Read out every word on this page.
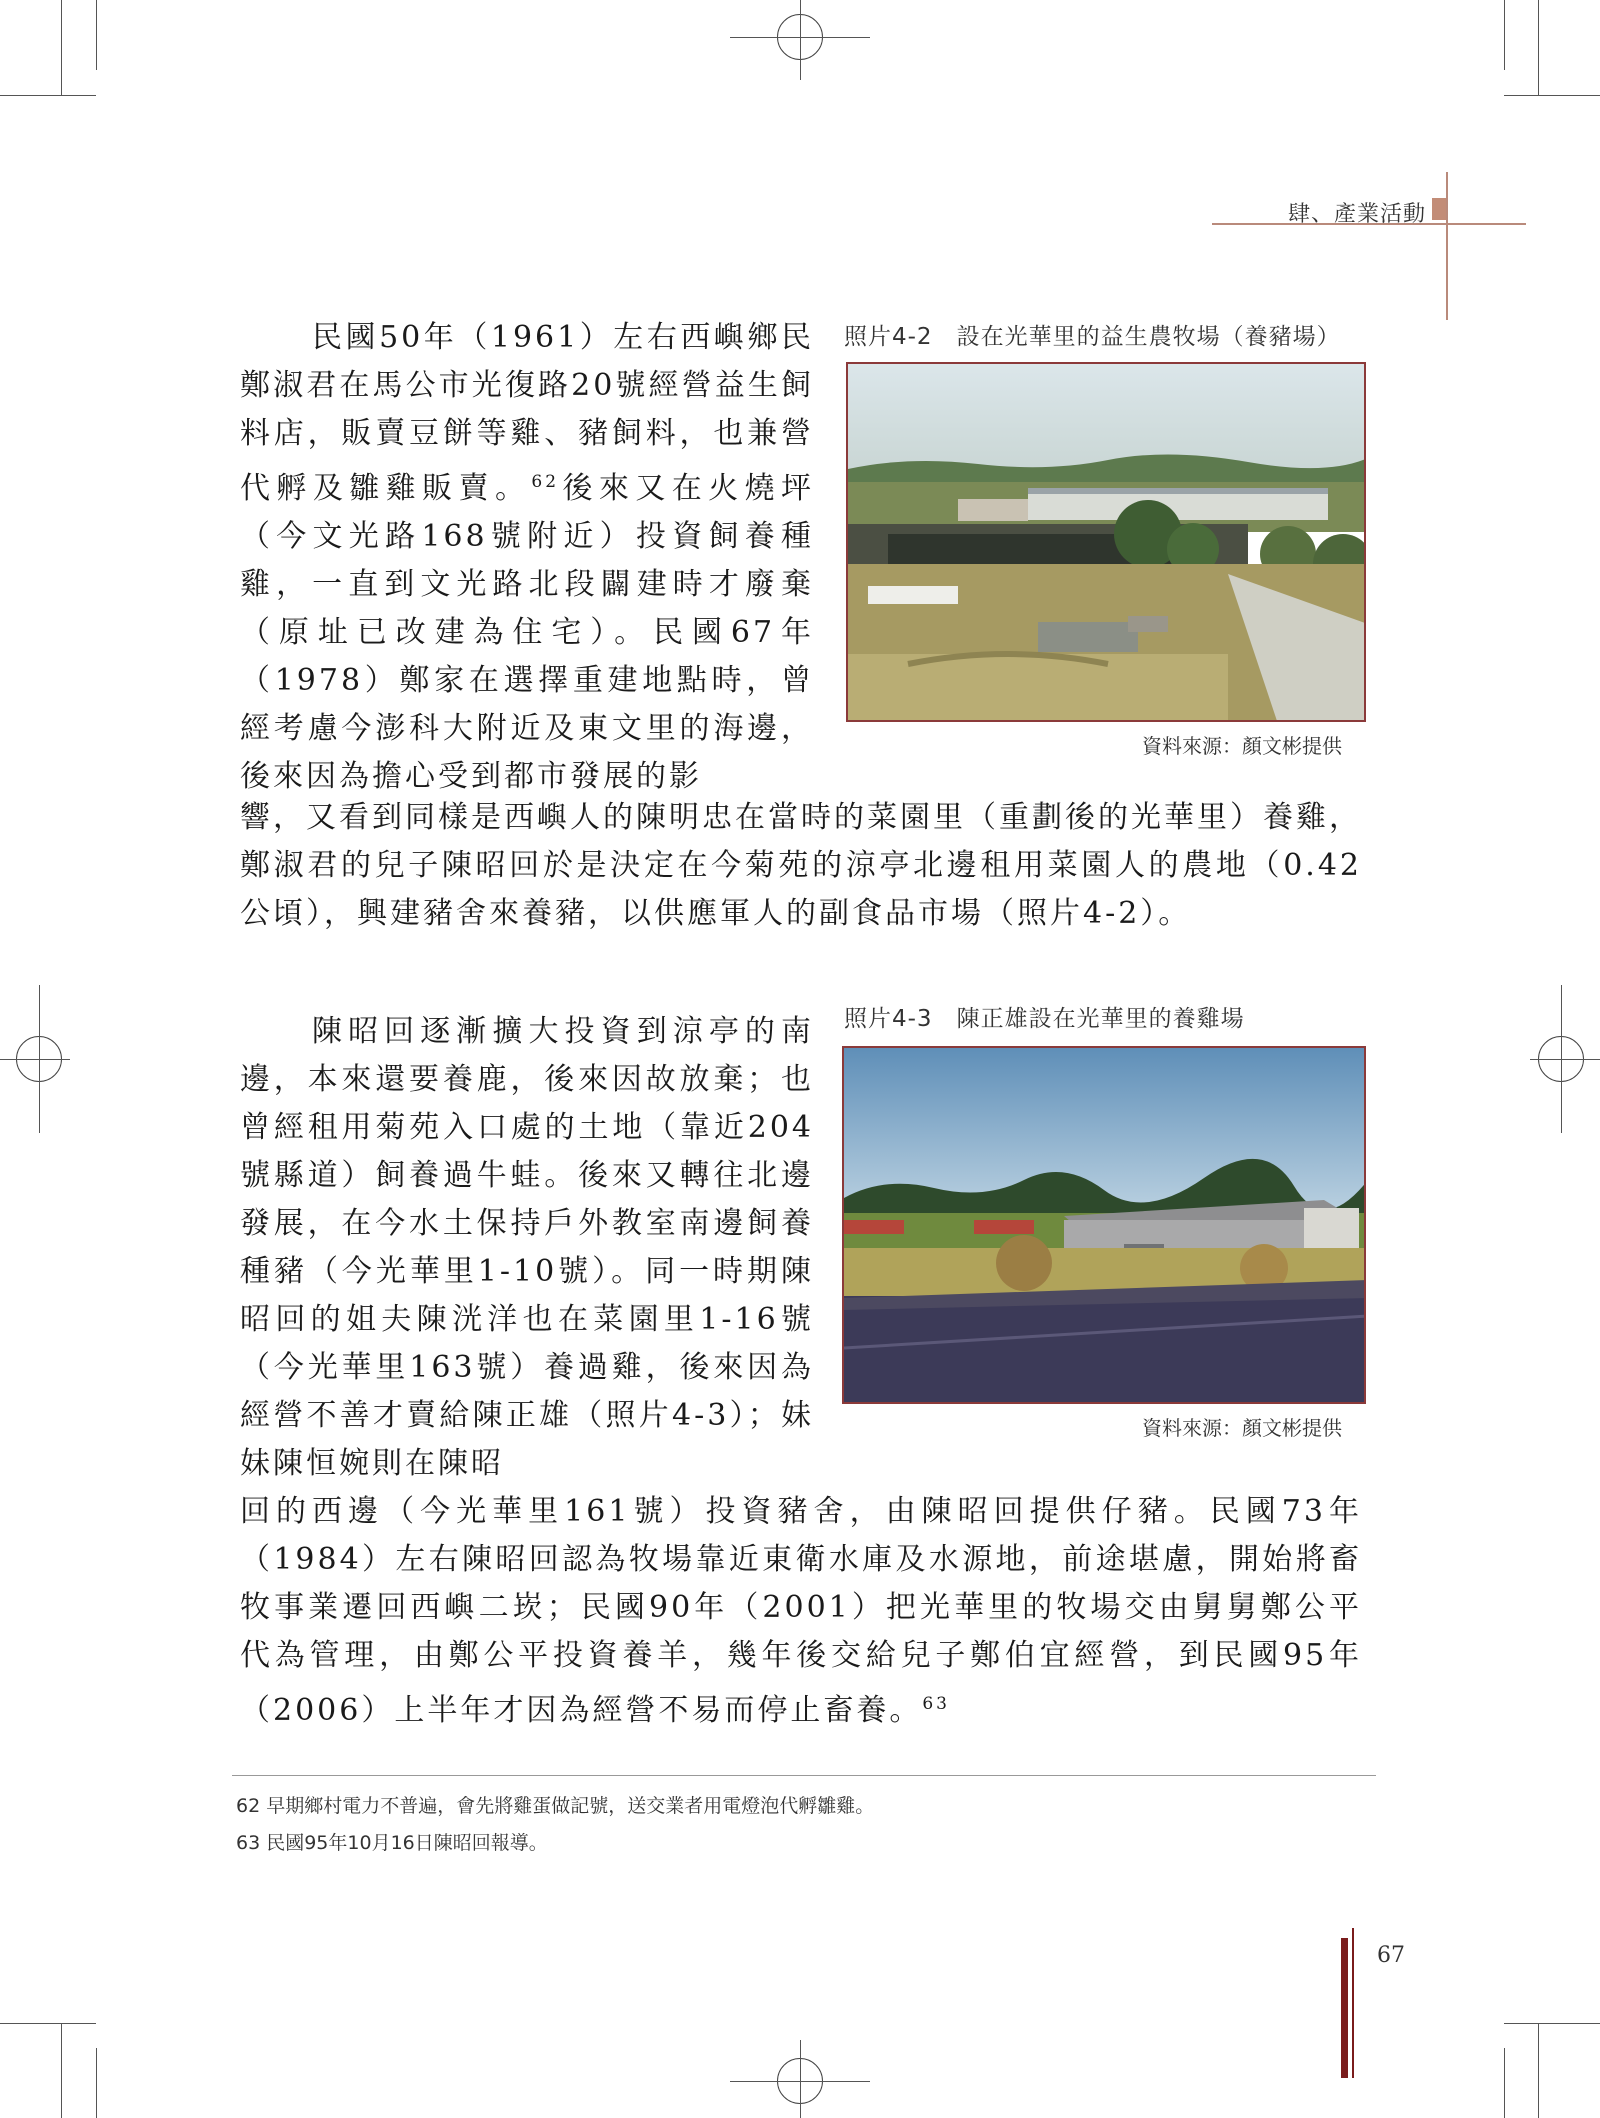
肆、產業活動

民國50年（1961）左右西嶼鄉民鄭淑君在馬公市光復路20號經營益生飼料店，販賣豆餅等雞、豬飼料，也兼營代孵及雛雞販賣。$^{62}$後來又在火燒坪（今文光路168號附近）投資飼養種雞，一直到文光路北段闢建時才廢棄（原址已改建為住宅）。民國67年（1978）鄭家在選擇重建地點時，曾經考慮今澎科大附近及東文里的海邊，後來因為擔心受到都市發展的影

響，又看到同樣是西嶼人的陳明忠在當時的菜園里（重劃後的光華里）養雞，鄭淑君的兒子陳昭回於是決定在今菊苑的涼亭北邊租用菜園人的農地（0.42公頃），興建豬舍來養豬，以供應軍人的副食品市場（照片4-2）。

照片4-2　設在光華里的益生農牧場（養豬場）
資料來源：顏文彬提供

陳昭回逐漸擴大投資到涼亭的南邊，本來還要養鹿，後來因故放棄；也曾經租用菊苑入口處的土地（靠近204號縣道）飼養過牛蛙。後來又轉往北邊發展，在今水土保持戶外教室南邊飼養種豬（今光華里1-10號）。同一時期陳昭回的姐夫陳洸洋也在菜園里1-16號（今光華里163號）養過雞，後來因為經營不善才賣給陳正雄（照片4-3）；妹妹陳恒婉則在陳昭

回的西邊（今光華里161號）投資豬舍，由陳昭回提供仔豬。民國73年（1984）左右陳昭回認為牧場靠近東衛水庫及水源地，前途堪慮，開始將畜牧事業遷回西嶼二崁；民國90年（2001）把光華里的牧場交由舅舅鄭公平代為管理，由鄭公平投資養羊，幾年後交給兒子鄭伯宜經營，到民國95年（2006）上半年才因為經營不易而停止畜養。$^{63}$

照片4-3　陳正雄設在光華里的養雞場
資料來源：顏文彬提供
62 早期鄉村電力不普遍，會先將雞蛋做記號，送交業者用電燈泡代孵雛雞。
63 民國95年10月16日陳昭回報導。
67
